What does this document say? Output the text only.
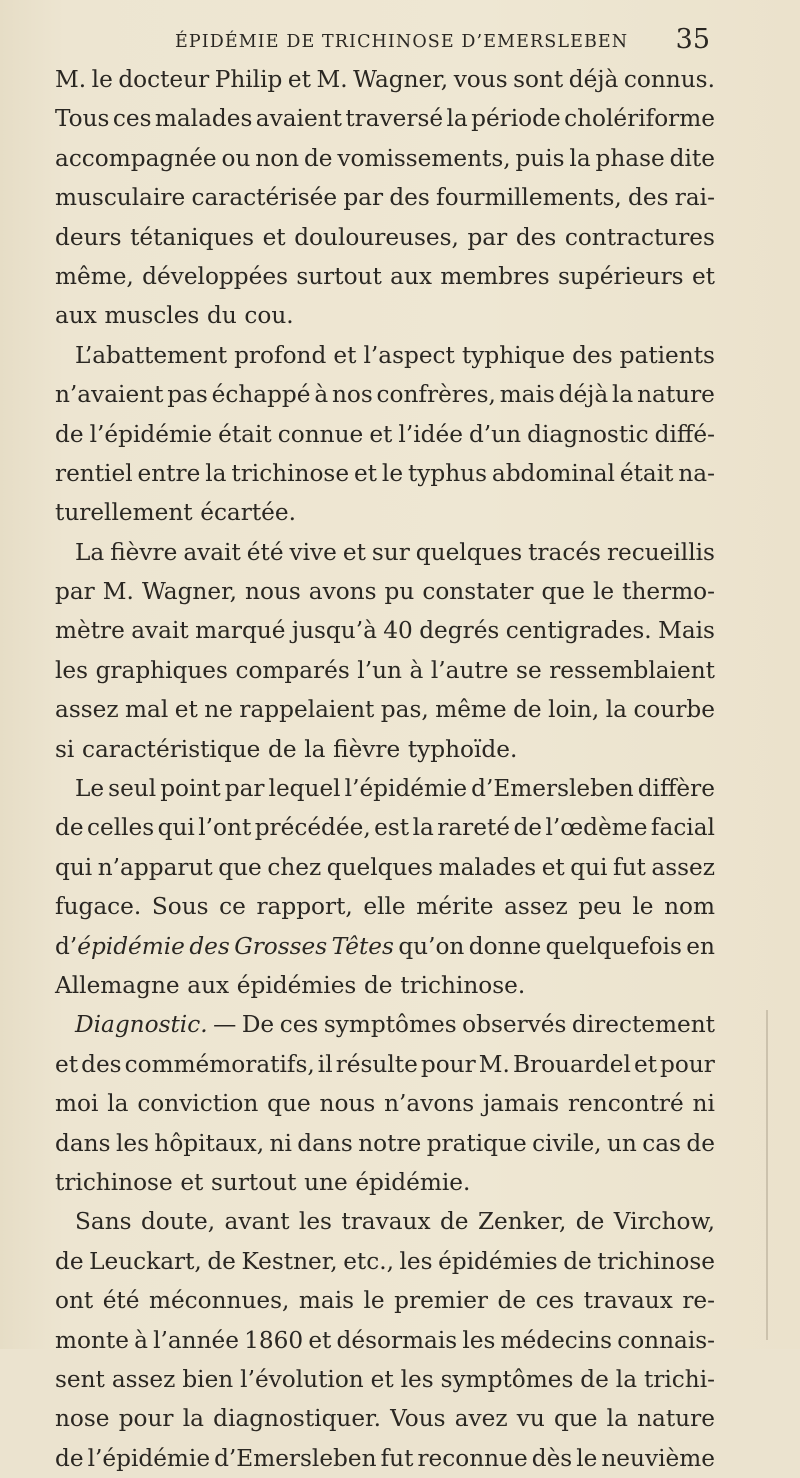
ÉPIDÉMIE DE TRICHINOSE D’EMERSLEBEN 35
M. le docteur Philip et M. Wagner, vous sont déjà connus.
Tous ces malades avaient traversé la période cholériforme
accompagnée ou non de vomissements, puis la phase dite
musculaire caractérisée par des fourmillements, des rai-
deurs tétaniques et douloureuses, par des contractures
même, développées surtout aux membres supérieurs et
aux muscles du cou.
L’abattement profond et l’aspect typhique des patients
n’avaient pas échappé à nos confrères, mais déjà la nature
de l’épidémie était connue et l’idée d’un diagnostic diffé-
rentiel entre la trichinose et le typhus abdominal était na-
turellement écartée.
La fièvre avait été vive et sur quelques tracés recueillis
par M. Wagner, nous avons pu constater que le thermo-
mètre avait marqué jusqu’à 40 degrés centigrades. Mais
les graphiques comparés l’un à l’autre se ressemblaient
assez mal et ne rappelaient pas, même de loin, la courbe
si caractéristique de la fièvre typhoïde.
Le seul point par lequel l’épidémie d’Emersleben diffère
de celles qui l’ont précédée, est la rareté de l’œdème facial
qui n’apparut que chez quelques malades et qui fut assez
fugace. Sous ce rapport, elle mérite assez peu le nom
d’épidémie des Grosses Têtes qu’on donne quelquefois en
Allemagne aux épidémies de trichinose.
Diagnostic. — De ces symptômes observés directement
et des commémoratifs, il résulte pour M. Brouardel et pour
moi la conviction que nous n’avons jamais rencontré ni
dans les hôpitaux, ni dans notre pratique civile, un cas de
trichinose et surtout une épidémie.
Sans doute, avant les travaux de Zenker, de Virchow,
de Leuckart, de Kestner, etc., les épidémies de trichinose
ont été méconnues, mais le premier de ces travaux re-
monte à l’année 1860 et désormais les médecins connais-
sent assez bien l’évolution et les symptômes de la trichi-
nose pour la diagnostiquer. Vous avez vu que la nature
de l’épidémie d’Emersleben fut reconnue dès le neuvième
